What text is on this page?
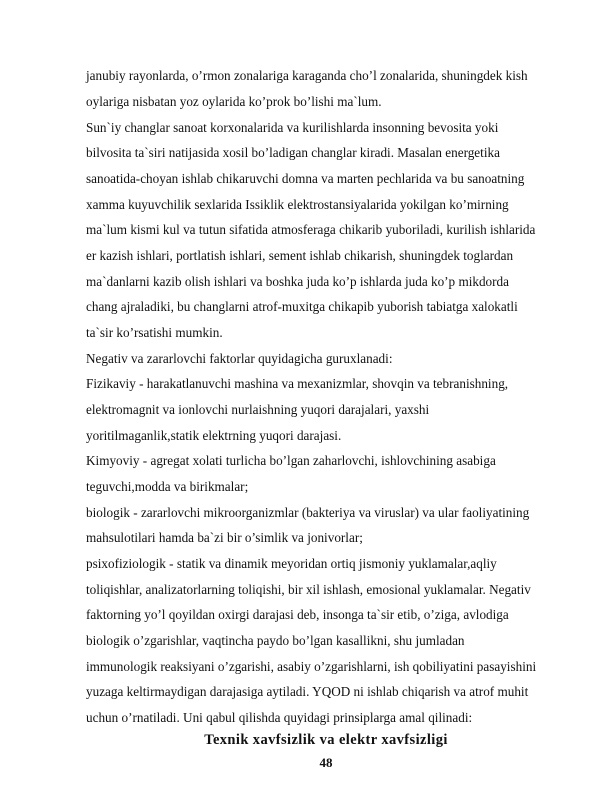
janubiy rayonlarda, o’rmon zonalariga karaganda cho’l zonalarida, shuningdek kish
oylariga nisbatan yoz oylarida ko’prok bo’lishi ma`lum.
Sun`iy changlar sanoat korxonalarida va kurilishlarda insonning bevosita yoki
bilvosita ta`siri natijasida xosil bo’ladigan changlar kiradi. Masalan energetika
sanoatida-choyan ishlab chikaruvchi domna va marten pechlarida va bu sanoatning
xamma kuyuvchilik sexlarida Issiklik elektrostansiyalarida yokilgan ko’mirning
ma`lum kismi kul va tutun sifatida atmosferaga chikarib yuboriladi, kurilish ishlarida
er kazish ishlari, portlatish ishlari, sement ishlab chikarish, shuningdek toglardan
ma`danlarni kazib olish ishlari va boshka juda ko’p ishlarda juda ko’p mikdorda
chang ajraladiki, bu changlarni atrof-muxitga chikapib yuborish tabiatga xalokatli
ta`sir ko’rsatishi mumkin.
Negativ va zararlovchi faktorlar quyidagicha guruxlanadi:
Fizikaviy - harakatlanuvchi mashina va mexanizmlar, shovqin va tebranishning,
elektromagnit va ionlovchi nurlaishning yuqori darajalari, yaxshi
yoritilmaganlik,statik elektrning yuqori darajasi.
Kimyoviy - agregat xolati turlicha bo’lgan zaharlovchi, ishlovchining asabiga
teguvchi,modda va birikmalar;
biologik - zararlovchi mikroorganizmlar (bakteriya va viruslar) va ular faoliyatining
mahsulotilari hamda ba`zi bir o’simlik va jonivorlar;
psixofiziologik - statik va dinamik meyoridan ortiq jismoniy yuklamalar,aqliy
toliqishlar, analizatorlarning toliqishi, bir xil ishlash, emosional yuklamalar. Negativ
faktorning yo’l qoyildan oxirgi darajasi deb, insonga ta`sir etib, o’ziga, avlodiga
biologik o’zgarishlar, vaqtincha paydo bo’lgan kasallikni, shu jumladan
immunologik reaksiyani o’zgarishi, asabiy o’zgarishlarni, ish qobiliyatini pasayishini
yuzaga keltirmaydigan darajasiga aytiladi. YQOD ni ishlab chiqarish va atrof muhit
uchun o’rnatiladi. Uni qabul qilishda quyidagi prinsiplarga amal qilinadi:
Texnik xavfsizlik va elektr xavfsizligi
48
